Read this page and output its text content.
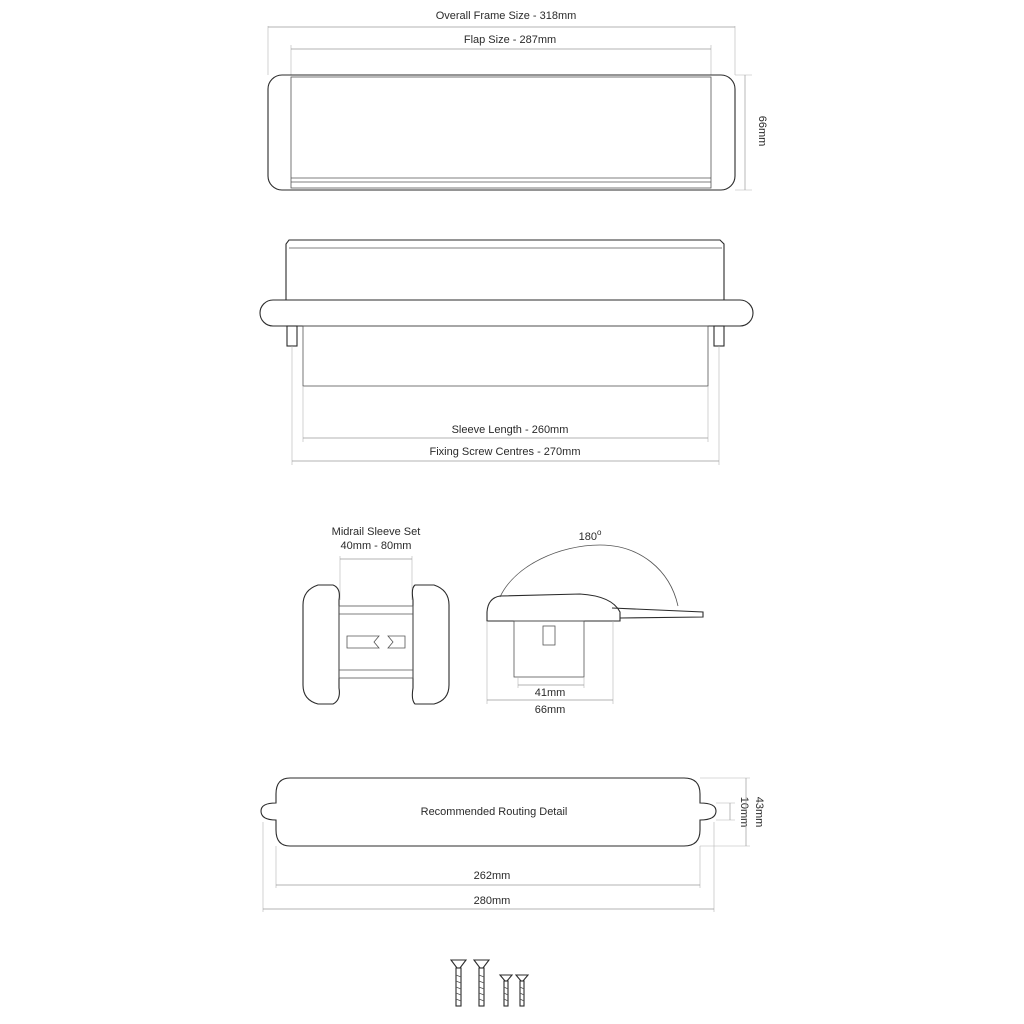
Overall Frame Size - 318mm
Flap Size - 287mm
66mm
Sleeve Length - 260mm
Fixing Screw Centres - 270mm
Midrail Sleeve Set
40mm - 80mm
180$^o$
41mm
66mm
Recommended Routing Detail
262mm
280mm
10mm 43mm
